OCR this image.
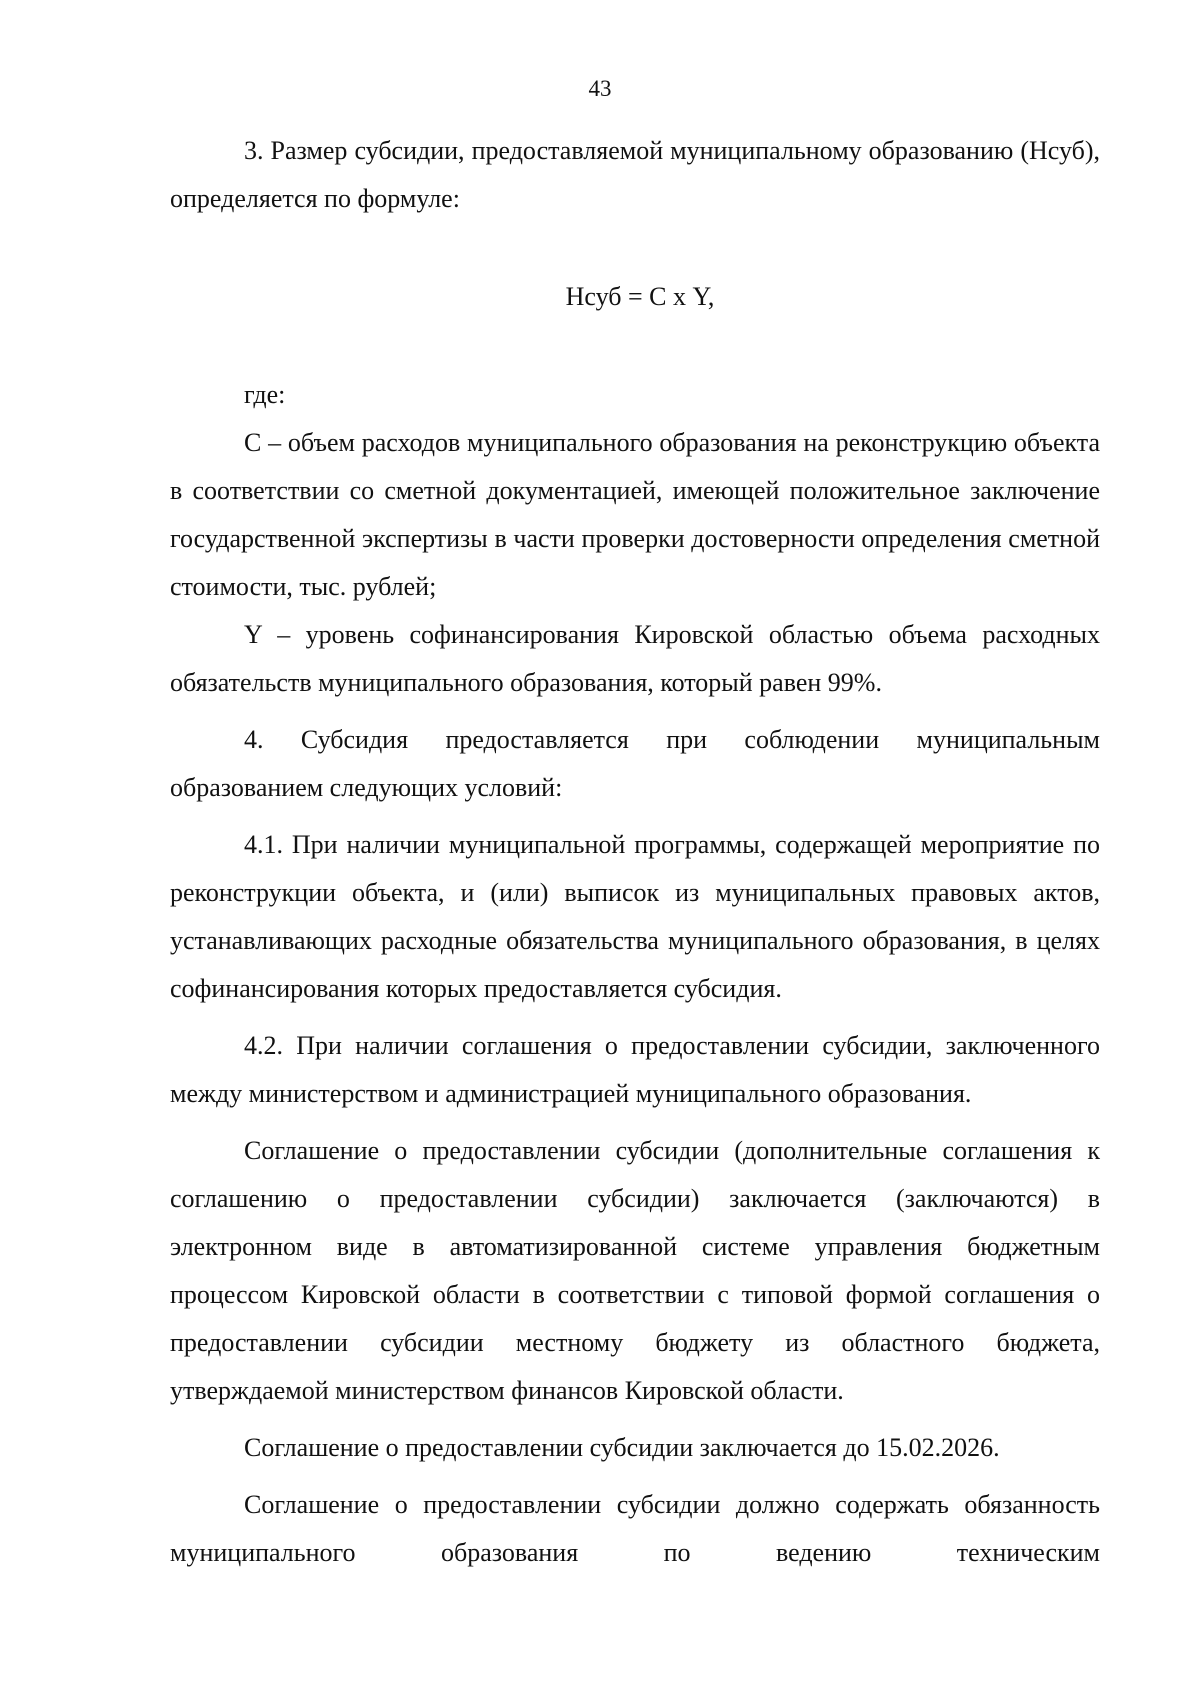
43

3. Размер субсидии, предоставляемой муниципальному образованию (Нсуб), определяется по формуле:

Нсуб = С х Y,

где:

С – объем расходов муниципального образования на реконструкцию объекта в соответствии со сметной документацией, имеющей положительное заключение государственной экспертизы в части проверки достоверности определения сметной стоимости, тыс. рублей;

Y – уровень софинансирования Кировской областью объема расходных обязательств муниципального образования, который равен 99%.

4. Субсидия предоставляется при соблюдении муниципальным образованием следующих условий:

4.1. При наличии муниципальной программы, содержащей мероприятие по реконструкции объекта, и (или) выписок из муниципальных правовых актов, устанавливающих расходные обязательства муниципального образования, в целях софинансирования которых предоставляется субсидия.

4.2. При наличии соглашения о предоставлении субсидии, заключенного между министерством и администрацией муниципального образования.

Соглашение о предоставлении субсидии (дополнительные соглашения к соглашению о предоставлении субсидии) заключается (заключаются) в электронном виде в автоматизированной системе управления бюджетным процессом Кировской области в соответствии с типовой формой соглашения о предоставлении субсидии местному бюджету из областного бюджета, утверждаемой министерством финансов Кировской области.

Соглашение о предоставлении субсидии заключается до 15.02.2026.

Соглашение о предоставлении субсидии должно содержать обязанность муниципального образования по ведению техническим
